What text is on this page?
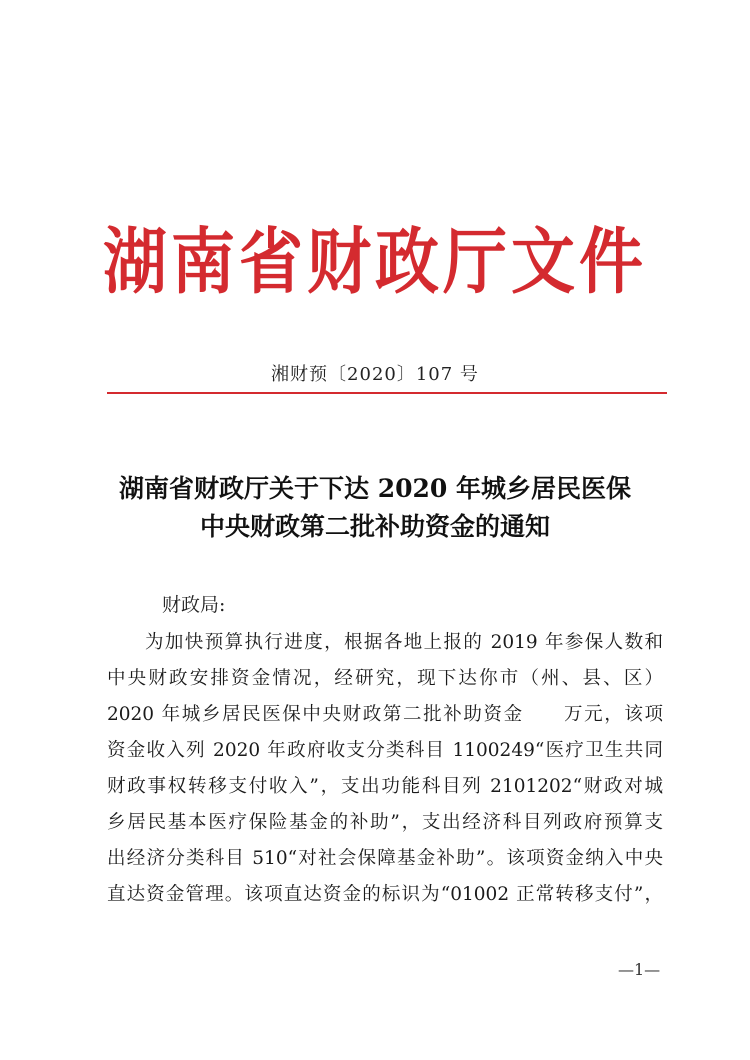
湖南省财政厅文件
湘财预〔2020〕107 号
湖南省财政厅关于下达 2020 年城乡居民医保
中央财政第二批补助资金的通知
财政局:
为加快预算执行进度，根据各地上报的 2019 年参保人数和
中央财政安排资金情况，经研究，现下达你市（州、县、区）
2020 年城乡居民医保中央财政第二批补助资金　　万元，该项
资金收入列 2020 年政府收支分类科目 1100249“医疗卫生共同
财政事权转移支付收入”，支出功能科目列 2101202“财政对城
乡居民基本医疗保险基金的补助”，支出经济科目列政府预算支
出经济分类科目 510“对社会保障基金补助”。该项资金纳入中央
直达资金管理。该项直达资金的标识为“01002 正常转移支付”，
—1—
